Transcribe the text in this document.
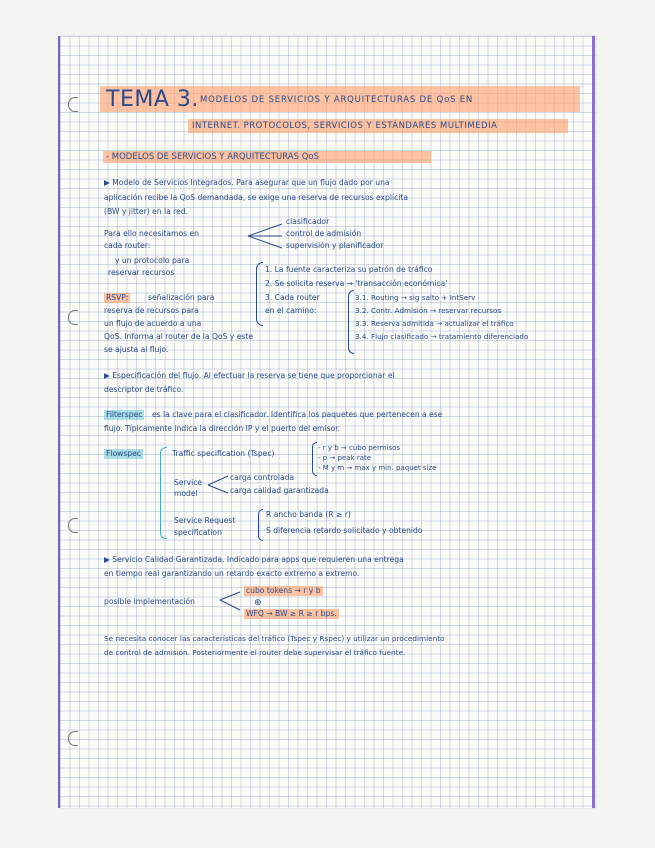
TEMA 3. MODELOS DE SERVICIOS Y ARQUITECTURAS DE QoS EN
INTERNET. PROTOCOLOS, SERVICIOS Y ESTÁNDARES MULTIMEDIA
- MODELOS DE SERVICIOS Y ARQUITECTURAS QoS
▶ Modelo de Servicios Integrados. Para asegurar que un flujo dado por una
aplicación recibe la QoS demandada, se exige una reserva de recursos explícita
(BW y jitter) en la red.
Para ello necesitamos en
cada router:
clasificador
control de admisión
supervisión y planificador
y un protocolo para
reservar recursos
RSVP:	señalización para
reserva de recursos para
un flujo de acuerdo a una
QoS. Informa al router de la QoS y este
se ajusta al flujo.
1. La fuente caracteriza su patrón de tráfico
2. Se solicita reserva → 'transacción económica'
3. Cada router
en el camino:
3.1. Routing → sig salto + IntServ
3.2. Contr. Admisión → reservar recursos
3.3. Reserva admitida → actualizar el tráfico
3.4. Flujo clasificado → tratamiento diferenciado
▶ Especificación del flujo. Al efectuar la reserva se tiene que proporcionar el
descriptor de tráfico.
Filterspec es la clave para el clasificador. Identifica los paquetes que pertenecen a ese
flujo. Típicamente indica la dirección IP y el puerto del emisor.
Flowspec	Traffic specification (Tspec)
- r y b → cubo permisos
- p → peak rate
- M y m → max y min. paquet size
Service
model
carga controlada
carga calidad garantizada
Service Request
specification
R ancho banda (R ≥ r)
S diferencia retardo solicitado y obtenido
▶ Servicio Calidad Garantizada. Indicado para apps que requieren una entrega
en tiempo real garantizando un retardo exacto extremo a extremo.
posible implementación
cubo tokens → r y b
⊕
WFQ → BW ≥ R ≥ r bps.
Se necesita conocer las características del tráfico (Tspec y Rspec) y utilizar un procedimiento
de control de admisión. Posteriormente el router debe supervisar el tráfico fuente.
